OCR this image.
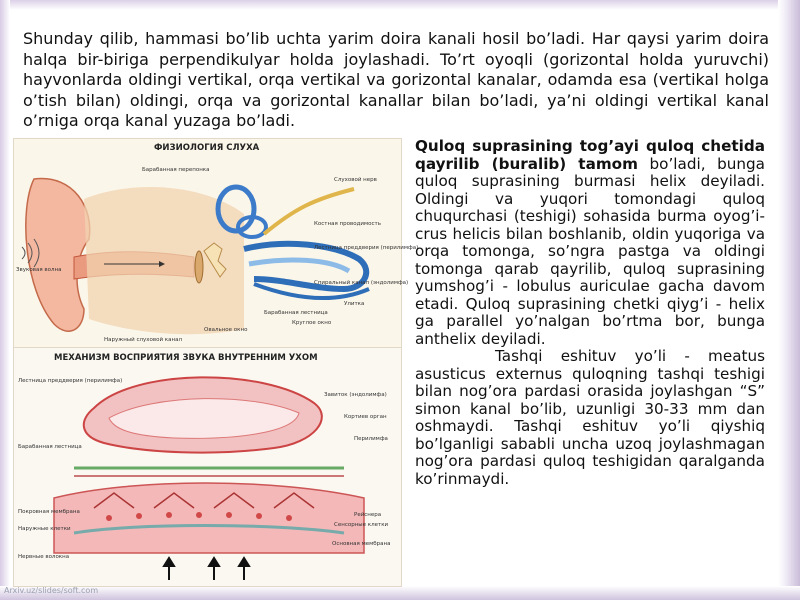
Shunday qilib, hammasi bo’lib uchta yarim doira kanali hosil bo’ladi. Har qaysi yarim doira halqa bir-biriga perpendikulyar holda joylashadi. To’rt oyoqli (gorizontal holda yuruvchi) hayvonlarda oldingi vertikal, orqa vertikal va gorizontal kanalar, odamda esa (vertikal holga o’tish bilan) oldingi, orqa va gorizontal kanallar bilan bo’ladi, ya’ni oldingi vertikal kanal o’rniga orqa kanal yuzaga bo’ladi.

ФИЗИОЛОГИЯ СЛУХА
Звуковая волна
Барабанная перепонка
Костная проводимость
Лестница преддверия (перилимфа)
Спиральный канал (эндолимфа)
Круглое окно
Овальное окно
Слуховой нерв
Улитка
Барабанная лестница
Наружный слуховой канал
МЕХАНИЗМ ВОСПРИЯТИЯ ЗВУКА ВНУТРЕННИМ УХОМ
Лестница преддверия (перилимфа)
Барабанная лестница
Покровная мембрана
Наружные клетки
Нервные волокна
Завиток (эндолимфа)
Кортиев орган
Перилимфа
Рейснера
Сенсорные клетки
Основная мембрана

Quloq suprasining tog’ayi quloq chetida qayrilib (buralib) tamom bo’ladi, bunga quloq suprasining burmasi helix deyiladi. Oldingi va yuqori tomondagi quloq chuqurchasi (teshigi) sohasida burma oyog’i- crus helicis bilan boshlanib, oldin yuqoriga va orqa tomonga, so’ngra pastga va oldingi tomonga qarab qayrilib, quloq suprasining yumshog’i - lobulus auriculae gacha davom etadi. Quloq suprasining chetki qiyg’i - helix ga parallel yo’nalgan bo’rtma bor, bunga anthelix deyiladi.

Tashqi eshituv yo’li - meatus asusticus externus quloqning tashqi teshigi bilan nog’ora pardasi orasida joylashgan “S” simon kanal bo’lib, uzunligi 30-33 mm dan oshmaydi. Tashqi eshituv yo’li qiyshiq bo’lganligi sababli uncha uzoq joylashmagan nog’ora pardasi quloq teshigidan qaralganda ko’rinmaydi.

Arxiv.uz/slides/soft.com
